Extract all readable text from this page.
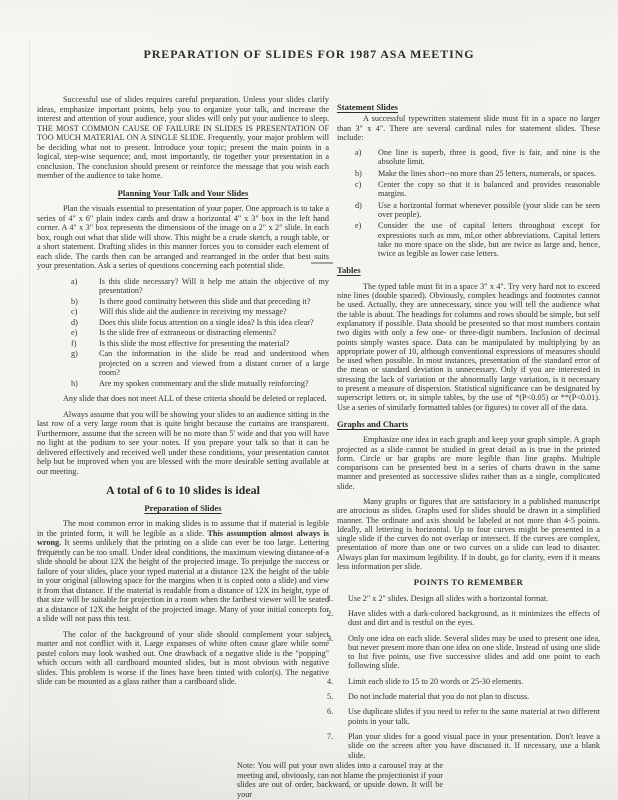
PREPARATION OF SLIDES FOR 1987 ASA MEETING

Successful use of slides requires careful preparation. Unless your slides clarify ideas, emphasize important points, help you to organize your talk, and increase the interest and attention of your audience, your slides will only put your audience to sleep. THE MOST COMMON CAUSE OF FAILURE IN SLIDES IS PRESENTATION OF TOO MUCH MATERIAL ON A SINGLE SLIDE. Frequently, your major problem will be deciding what not to present. Introduce your topic; present the main points in a logical, step-wise sequence; and, most importantly, tie together your presentation in a conclusion. The conclusion should present or reinforce the message that you wish each member of the audience to take home.

Planning Your Talk and Your Slides

Plan the visuals essential to presentation of your paper. One approach is to take a series of 4" x 6" plain index cards and draw a horizontal 4" x 3" box in the left hand corner. A 4" x 3" box represents the dimensions of the image on a 2" x 2" slide. In each box, rough out what that slide will show. This might be a crude sketch, a rough table, or a short statement. Drafting slides in this manner forces you to consider each element of each slide. The cards then can be arranged and rearranged in the order that best suits your presentation. Ask a series of questions concerning each potential slide.

a)	Is this slide necessary? Will it help me attain the objective of my presentation?
b)	Is there good continuity between this slide and that preceding it?
c)	Will this slide aid the audience in receiving my message?
d)	Does this slide focus attention on a single idea? Is this idea clear?
e)	Is the slide free of extraneous or distracting elements?
f)	Is this slide the most effective for presenting the material?
g)	Can the information in the slide be read and understood when projected on a screen and viewed from a distant corner of a large room?
h)	Are my spoken commentary and the slide mutually reinforcing?

Any slide that does not meet ALL of these criteria should be deleted or replaced.

Always assume that you will be showing your slides to an audience sitting in the last row of a very large room that is quite bright because the curtains are transparent. Furthermore, assume that the screen will be no more than 5' wide and that you will have no light at the podium to see your notes. If you prepare your talk so that it can be delivered effectively and received well under these conditions, your presentation cannot help but be improved when you are blessed with the more desirable setting available at our meeting.

A total of 6 to 10 slides is ideal

Preparation of Slides

The most common error in making slides is to assume that if material is legible in the printed form, it will be legible as a slide. This assumption almost always is wrong. It seems unlikely that the printing on a slide can ever be too large. Lettering frequently can be too small. Under ideal conditions, the maximum viewing distance of a slide should be about 12X the height of the projected image. To prejudge the success or failure of your slides, place your typed material at a distance 12X the height of the table in your original (allowing space for the margins when it is copied onto a slide) and view it from that distance. If the material is readable from a distance of 12X its height, type of that size will be suitable for projection in a room when the farthest viewer will be seated at a distance of 12X the height of the projected image. Many of your initial concepts for a slide will not pass this test.

The color of the background of your slide should complement your subject matter and not conflict with it. Large expanses of white often cause glare while some pastel colors may look washed out. One drawback of a negative slide is the "popping" which occurs with all cardboard mounted slides, but is most obvious with negative slides. This problem is worse if the lines have been tinted with color(s). The negative slide can be mounted as a glass rather than a cardboard slide.

Statement Slides

A successful typewritten statement slide must fit in a space no larger than 3" x 4". There are several cardinal rules for statement slides. These include:

a)	One line is superb, three is good, five is fair, and nine is the absolute limit.
b)	Make the lines short--no more than 25 letters, numerals, or spaces.
c)	Center the copy so that it is balanced and provides reasonable margins.
d)	Use a horizontal format whenever possible (your slide can be seen over people).
e)	Consider the use of capital letters throughout except for expressions such as mm, ml,or other abbreviations. Capital letters take no more space on the slide, but are twice as large and, hence, twice as legible as lower case letters.
Tables

The typed table must fit in a space 3" x 4". Try very hard not to exceed nine lines (double spaced). Obviously, complex headings and footnotes cannot be used. Actually, they are unnecessary, since you will tell the audience what the table is about. The headings for columns and rows should be simple, but self explanatory if possible. Data should be presented so that most numbers contain two digits with only a few one- or three-digit numbers. Inclusion of decimal points simply wastes space. Data can be manipulated by multiplying by an appropriate power of 10, although conventional expressions of measures should be used when possible. In most instances, presentation of the standard error of the mean or standard deviation is unnecessary. Only if you are interested in stressing the lack of variation or the abnormally large variation, is it necessary to present a measure of dispersion. Statistical significance can be designated by superscript letters or, in simple tables, by the use of *(P<0.05) or **(P<0.01). Use a series of similarly formatted tables (or figures) to cover all of the data.

Graphs and Charts

Emphasize one idea in each graph and keep your graph simple. A graph projected as a slide cannot be studied in great detail as is true in the printed form. Circle or bar graphs are more legible than line graphs. Multiple comparisons can be presented best in a series of charts drawn in the same manner and presented as successive slides rather than as a single, complicated slide.

Many graphs or figures that are satisfactory in a published manuscript are atrocious as slides. Graphs used for slides should be drawn in a simplified manner. The ordinate and axis should be labeled at not more than 4-5 points. Ideally, all lettering is horizontal. Up to four curves might be presented in a single slide if the curves do not overlap or intersect. If the curves are complex, presentation of more than one or two curves on a slide can lead to disaster. Always plan for maximum legibility. If in doubt, go for clarity, even if it means less information per slide.

POINTS TO REMEMBER
1.	Use 2" x 2" slides. Design all slides with a horizontal format.
2.	Have slides with a dark-colored background, as it minimizes the effects of dust and dirt and is restful on the eyes.
3.	Only one idea on each slide. Several slides may be used to present one idea, but never present more than one idea on one slide. Instead of using one slide to list five points, use five successive slides and add one point to each following slide.
4.	Limit each slide to 15 to 20 words or 25-30 elements.
5.	Do not include material that you do not plan to discuss.
6.	Use duplicate slides if you need to refer to the same material at two different points in your talk.
7.	Plan your slides for a good visual pace in your presentation. Don't leave a slide on the screen after you have discussed it. If necessary, use a blank slide.
Note: You will put your own slides into a carousel tray at the meeting and, obviously, can not blame the projectionist if your slides are out of order, backward, or upside down. It will be your
